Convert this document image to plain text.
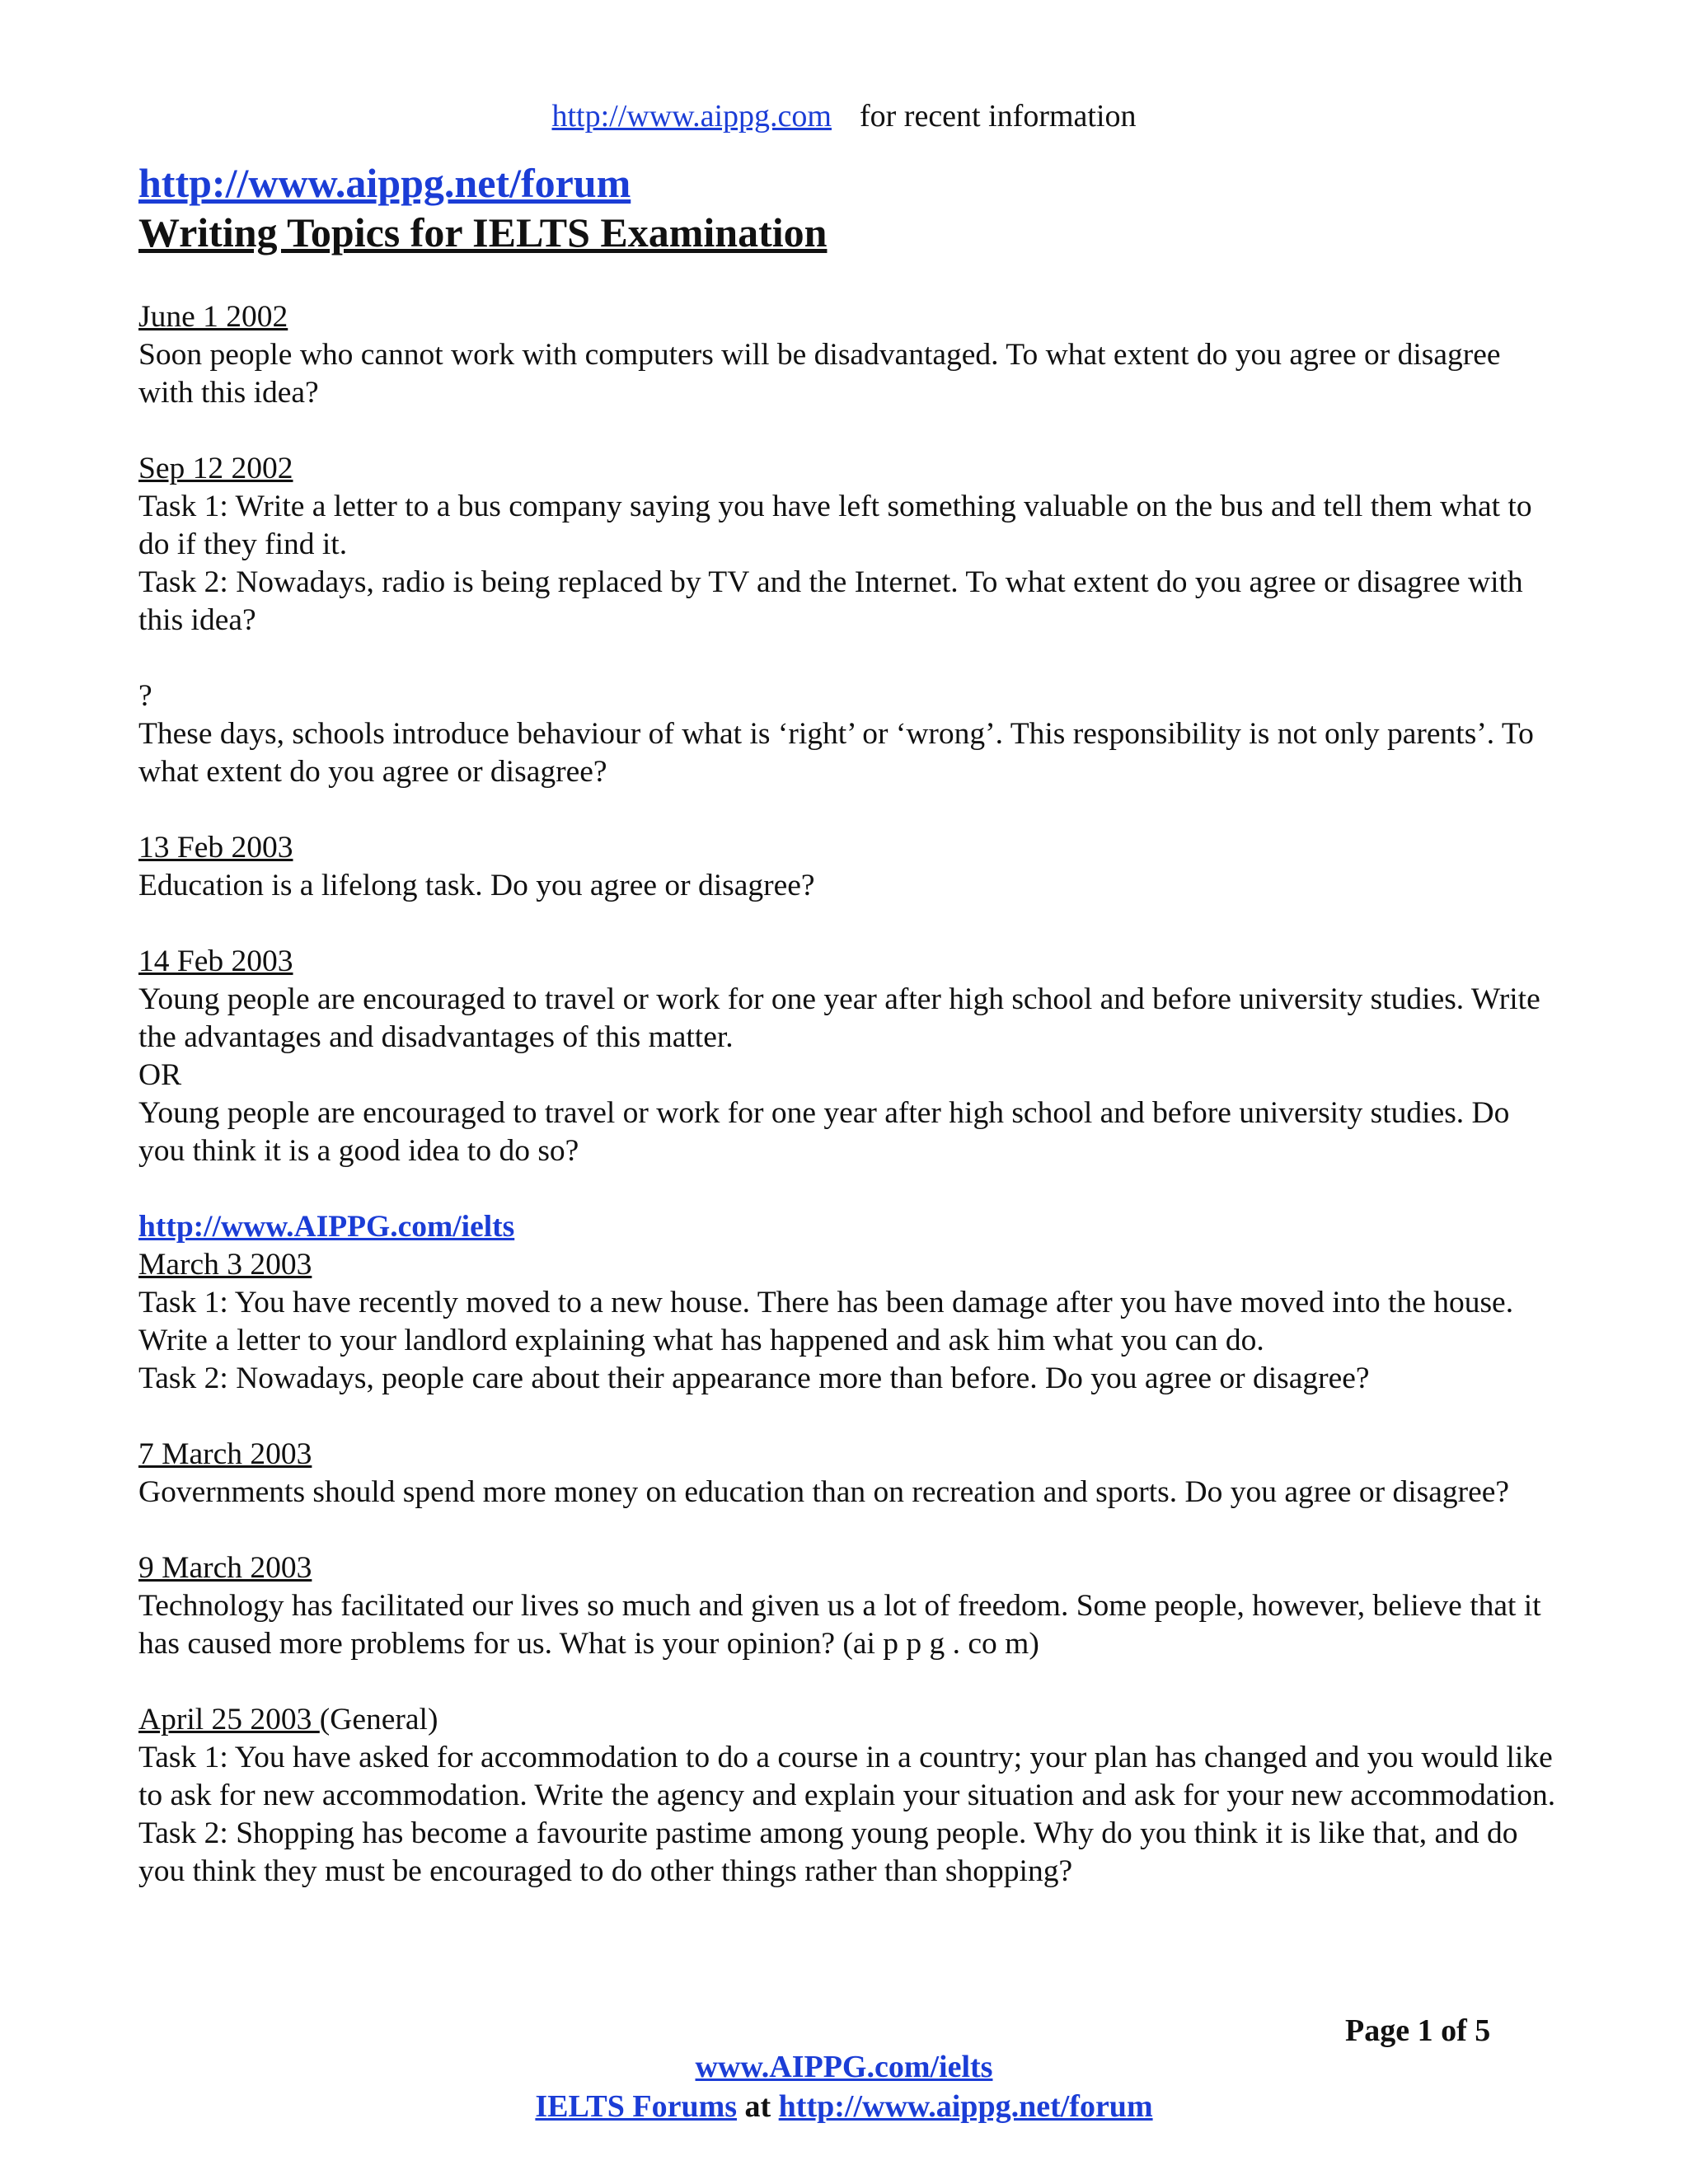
http://www.aippg.com for recent information
http://www.aippg.net/forum
Writing Topics for IELTS Examination

June 1 2002

Soon people who cannot work with computers will be disadvantaged. To what extent do you agree or disagree with this idea?

Sep 12 2002

Task 1: Write a letter to a bus company saying you have left something valuable on the bus and tell them what to do if they find it.

Task 2: Nowadays, radio is being replaced by TV and the Internet. To what extent do you agree or disagree with this idea?

?

These days, schools introduce behaviour of what is ‘right’ or ‘wrong’. This responsibility is not only parents’. To what extent do you agree or disagree?

13 Feb 2003

Education is a lifelong task. Do you agree or disagree?

14 Feb 2003

Young people are encouraged to travel or work for one year after high school and before university studies. Write the advantages and disadvantages of this matter.

OR

Young people are encouraged to travel or work for one year after high school and before university studies. Do you think it is a good idea to do so?

http://www.AIPPG.com/ielts

March 3 2003

Task 1: You have recently moved to a new house. There has been damage after you have moved into the house. Write a letter to your landlord explaining what has happened and ask him what you can do.

Task 2: Nowadays, people care about their appearance more than before. Do you agree or disagree?

7 March 2003

Governments should spend more money on education than on recreation and sports. Do you agree or disagree?

9 March 2003

Technology has facilitated our lives so much and given us a lot of freedom. Some people, however, believe that it has caused more problems for us. What is your opinion? (ai p p g . co m)

April 25 2003 (General)

Task 1: You have asked for accommodation to do a course in a country; your plan has changed and you would like to ask for new accommodation. Write the agency and explain your situation and ask for your new accommodation.

Task 2: Shopping has become a favourite pastime among young people. Why do you think it is like that, and do you think they must be encouraged to do other things rather than shopping?

Page 1 of 5
www.AIPPG.com/ielts
IELTS Forums at http://www.aippg.net/forum
